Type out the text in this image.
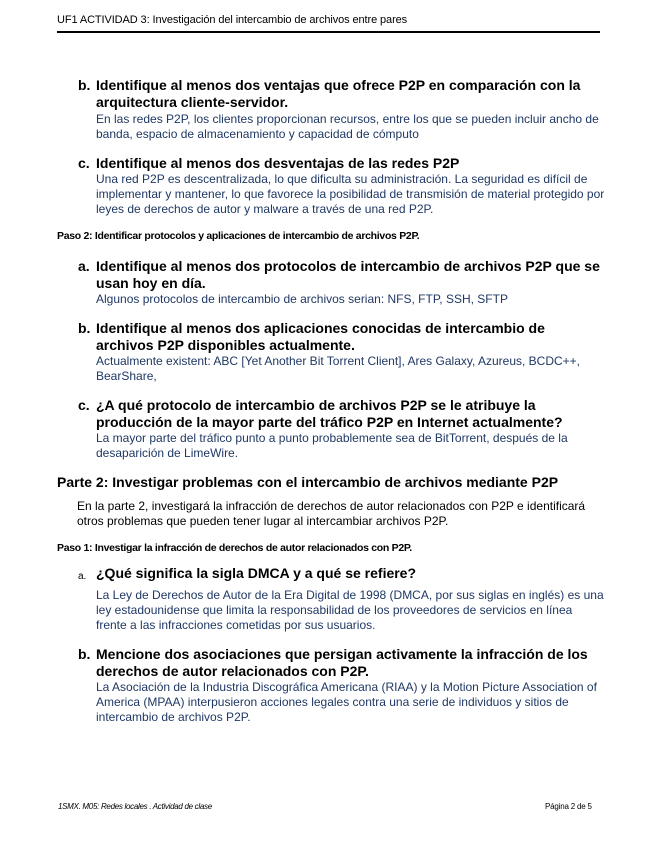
UF1 ACTIVIDAD 3: Investigación del intercambio de archivos entre pares
b. Identifique al menos dos ventajas que ofrece P2P en comparación con la arquitectura cliente-servidor.
En las redes P2P, los clientes proporcionan recursos, entre los que se pueden incluir ancho de banda, espacio de almacenamiento y capacidad de cómputo
c. Identifique al menos dos desventajas de las redes P2P
Una red P2P es descentralizada, lo que dificulta su administración. La seguridad es difícil de implementar y mantener, lo que favorece la posibilidad de transmisión de material protegido por leyes de derechos de autor y malware a través de una red P2P.
Paso 2: Identificar protocolos y aplicaciones de intercambio de archivos P2P.
a. Identifique al menos dos protocolos de intercambio de archivos P2P que se usan hoy en día.
Algunos protocolos de intercambio de archivos serian: NFS, FTP, SSH, SFTP
b. Identifique al menos dos aplicaciones conocidas de intercambio de archivos P2P disponibles actualmente.
Actualmente existent: ABC [Yet Another Bit Torrent Client], Ares Galaxy, Azureus, BCDC++, BearShare,
c. ¿A qué protocolo de intercambio de archivos P2P se le atribuye la producción de la mayor parte del tráfico P2P en Internet actualmente?
La mayor parte del tráfico punto a punto probablemente sea de BitTorrent, después de la desaparición de LimeWire.
Parte 2: Investigar problemas con el intercambio de archivos mediante P2P
En la parte 2, investigará la infracción de derechos de autor relacionados con P2P e identificará otros problemas que pueden tener lugar al intercambiar archivos P2P.
Paso 1: Investigar la infracción de derechos de autor relacionados con P2P.
a. ¿Qué significa la sigla DMCA y a qué se refiere?
La Ley de Derechos de Autor de la Era Digital de 1998 (DMCA, por sus siglas en inglés) es una ley estadounidense que limita la responsabilidad de los proveedores de servicios en línea frente a las infracciones cometidas por sus usuarios.
b. Mencione dos asociaciones que persigan activamente la infracción de los derechos de autor relacionados con P2P.
La Asociación de la Industria Discográfica Americana (RIAA) y la Motion Picture Association of America (MPAA) interpusieron acciones legales contra una serie de individuos y sitios de intercambio de archivos P2P.
1SMX. M05: Redes locales . Actividad de clase	Página 2 de 5
